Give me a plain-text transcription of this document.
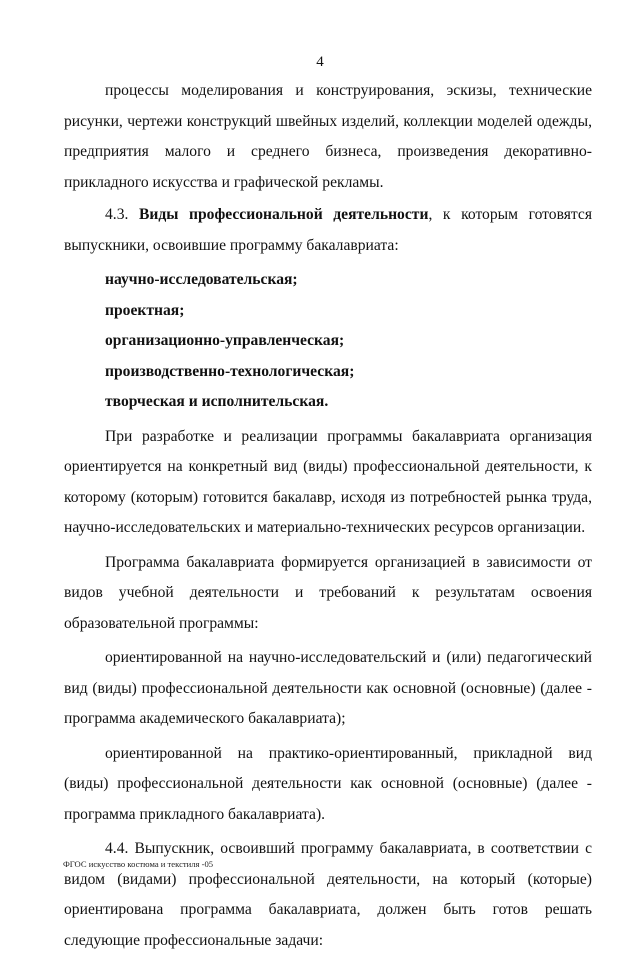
4

процессы моделирования и конструирования, эскизы, технические рисунки, чертежи конструкций швейных изделий, коллекции моделей одежды, предприятия малого и среднего бизнеса, произведения декоративно-прикладного искусства и графической рекламы.

4.3. Виды профессиональной деятельности, к которым готовятся выпускники, освоившие программу бакалавриата:

научно-исследовательская;
проектная;
организационно-управленческая;
производственно-технологическая;
творческая и исполнительская.

При разработке и реализации программы бакалавриата организация ориентируется на конкретный вид (виды) профессиональной деятельности, к которому (которым) готовится бакалавр, исходя из потребностей рынка труда, научно-исследовательских и материально-технических ресурсов организации.

Программа бакалавриата формируется организацией в зависимости от видов учебной деятельности и требований к результатам освоения образовательной программы:

ориентированной на научно-исследовательский и (или) педагогический вид (виды) профессиональной деятельности как основной (основные) (далее - программа академического бакалавриата);

ориентированной на практико-ориентированный, прикладной вид (виды) профессиональной деятельности как основной (основные) (далее - программа прикладного бакалавриата).

4.4. Выпускник, освоивший программу бакалавриата, в соответствии с видом (видами) профессиональной деятельности, на который (которые) ориентирована программа бакалавриата, должен быть готов решать следующие профессиональные задачи:

ФГОС искусство костюма и текстиля -05
